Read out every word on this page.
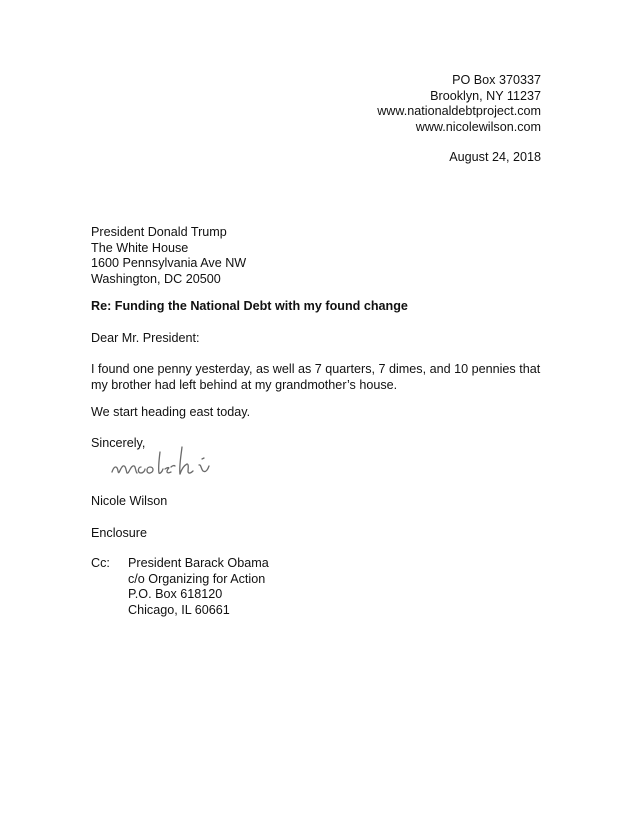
PO Box 370337
Brooklyn, NY 11237
www.nationaldebtproject.com
www.nicolewilson.com
August 24, 2018
President Donald Trump
The White House
1600 Pennsylvania Ave NW
Washington, DC 20500
Re: Funding the National Debt with my found change
Dear Mr. President:
I found one penny yesterday, as well as 7 quarters, 7 dimes, and 10 pennies that
my brother had left behind at my grandmother’s house.
We start heading east today.
Sincerely,
Nicole Wilson
Enclosure
Cc: President Barack Obama
c/o Organizing for Action
P.O. Box 618120
Chicago, IL 60661
